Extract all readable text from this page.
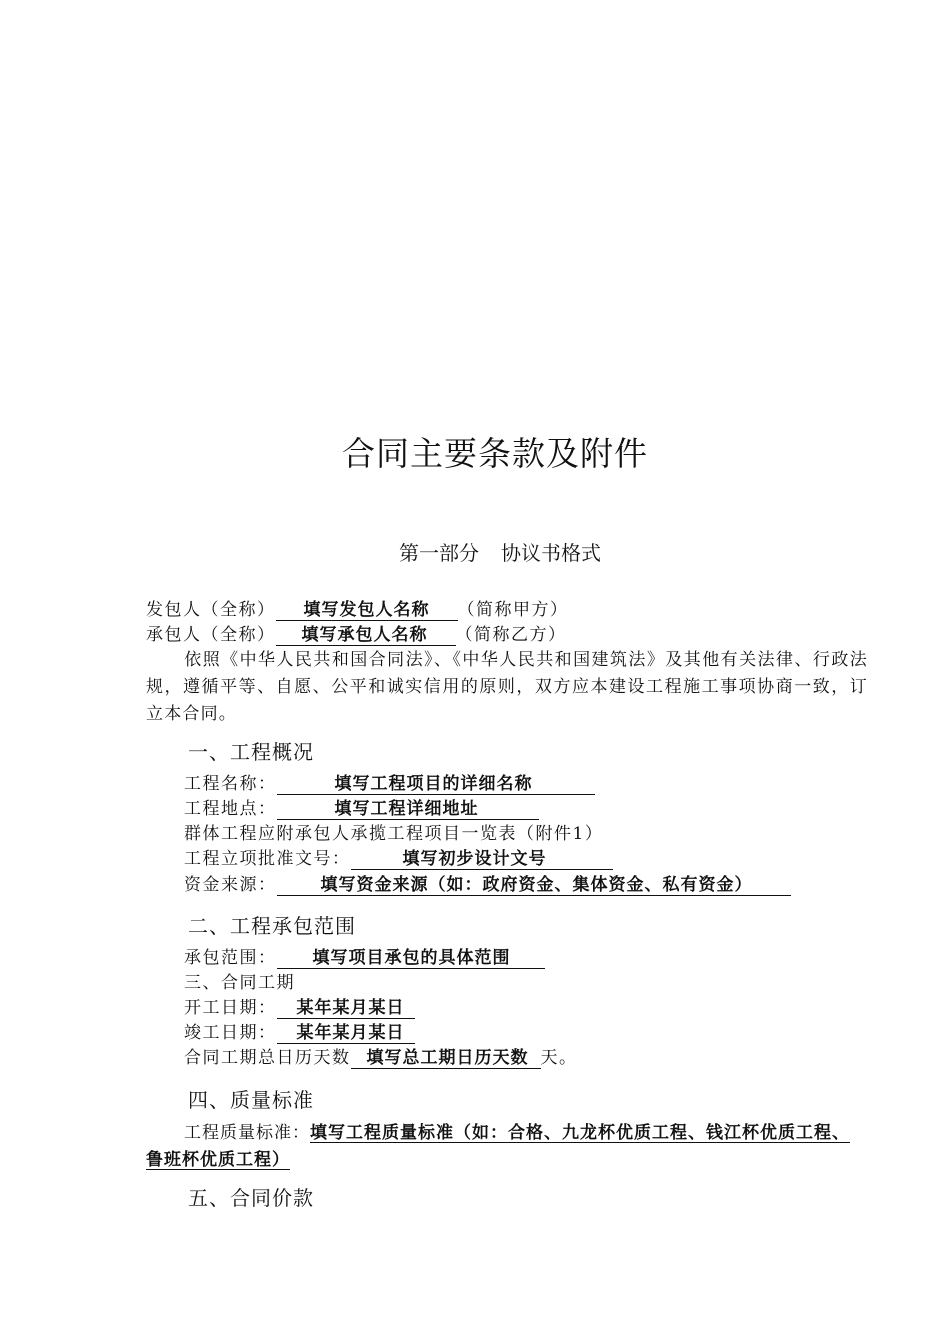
合同主要条款及附件
第一部分 协议书格式
发包人（全称） 填写发包人名称 （简称甲方）
承包人（全称） 填写承包人名称 （简称乙方）
依照《中华人民共和国合同法》、《中华人民共和国建筑法》及其他有关法律、行政法规，遵循平等、自愿、公平和诚实信用的原则，双方应本建设工程施工事项协商一致，订立本合同。
一、工程概况
工程名称：	填写工程项目的详细名称
工程地点：	填写工程详细地址
群体工程应附承包人承揽工程项目一览表（附件1）
工程立项批准文号：	填写初步设计文号
资金来源：	填写资金来源（如：政府资金、集体资金、私有资金）
二、工程承包范围
承包范围： 填写项目承包的具体范围
三、合同工期
开工日期： 某年某月某日
竣工日期： 某年某月某日
合同工期总日历天数 填写总工期日历天数 天。
四、质量标准
工程质量标准：填写工程质量标准（如：合格、九龙杯优质工程、钱江杯优质工程、鲁班杯优质工程）
五、合同价款
